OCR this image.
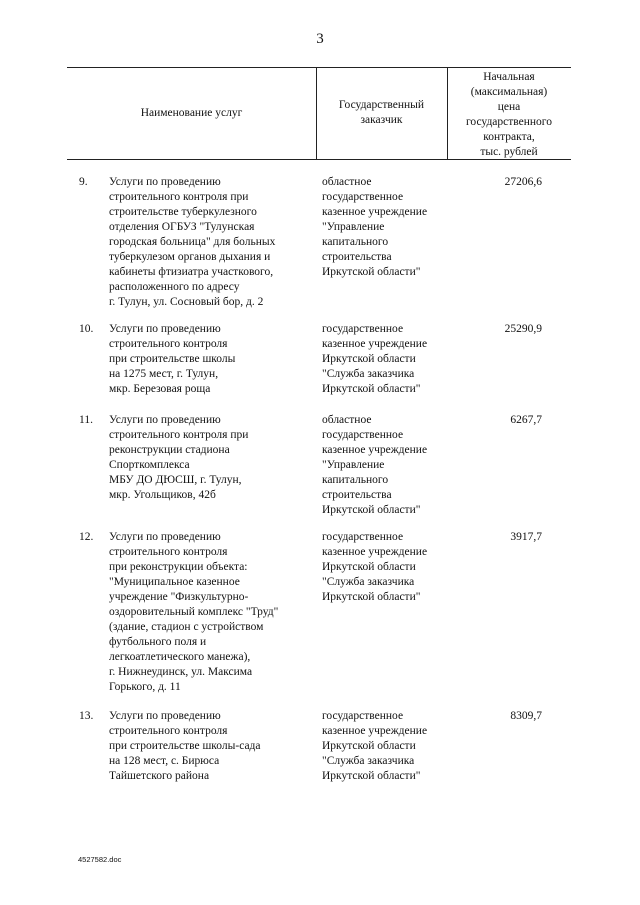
3
Наименование услуг
Государственный
заказчик
Начальная
(максимальная)
цена
государственного
контракта,
тыс. рублей
9. Услуги по проведению
строительного контроля при
строительстве туберкулезного
отделения ОГБУЗ "Тулунская
городская больница" для больных
туберкулезом органов дыхания и
кабинеты фтизиатра участкового,
расположенного по адресу
г. Тулун, ул. Сосновый бор, д. 2
областное
государственное
казенное учреждение
"Управление
капитального
строительства
Иркутской области"
27206,6
10. Услуги по проведению
строительного контроля
при строительстве школы
на 1275 мест, г. Тулун,
мкр. Березовая роща
государственное
казенное учреждение
Иркутской области
"Служба заказчика
Иркутской области"
25290,9
11. Услуги по проведению
строительного контроля при
реконструкции стадиона
Спорткомплекса
МБУ ДО ДЮСШ, г. Тулун,
мкр. Угольщиков, 42б
областное
государственное
казенное учреждение
"Управление
капитального
строительства
Иркутской области"
6267,7
12. Услуги по проведению
строительного контроля
при реконструкции объекта:
"Муниципальное казенное
учреждение "Физкультурно-
оздоровительный комплекс "Труд"
(здание, стадион с устройством
футбольного поля и
легкоатлетического манежа),
г. Нижнеудинск, ул. Максима
Горького, д. 11
государственное
казенное учреждение
Иркутской области
"Служба заказчика
Иркутской области"
3917,7
13. Услуги по проведению
строительного контроля
при строительстве школы-сада
на 128 мест, с. Бирюса
Тайшетского района
государственное
казенное учреждение
Иркутской области
"Служба заказчика
Иркутской области"
8309,7
4527582.doc
